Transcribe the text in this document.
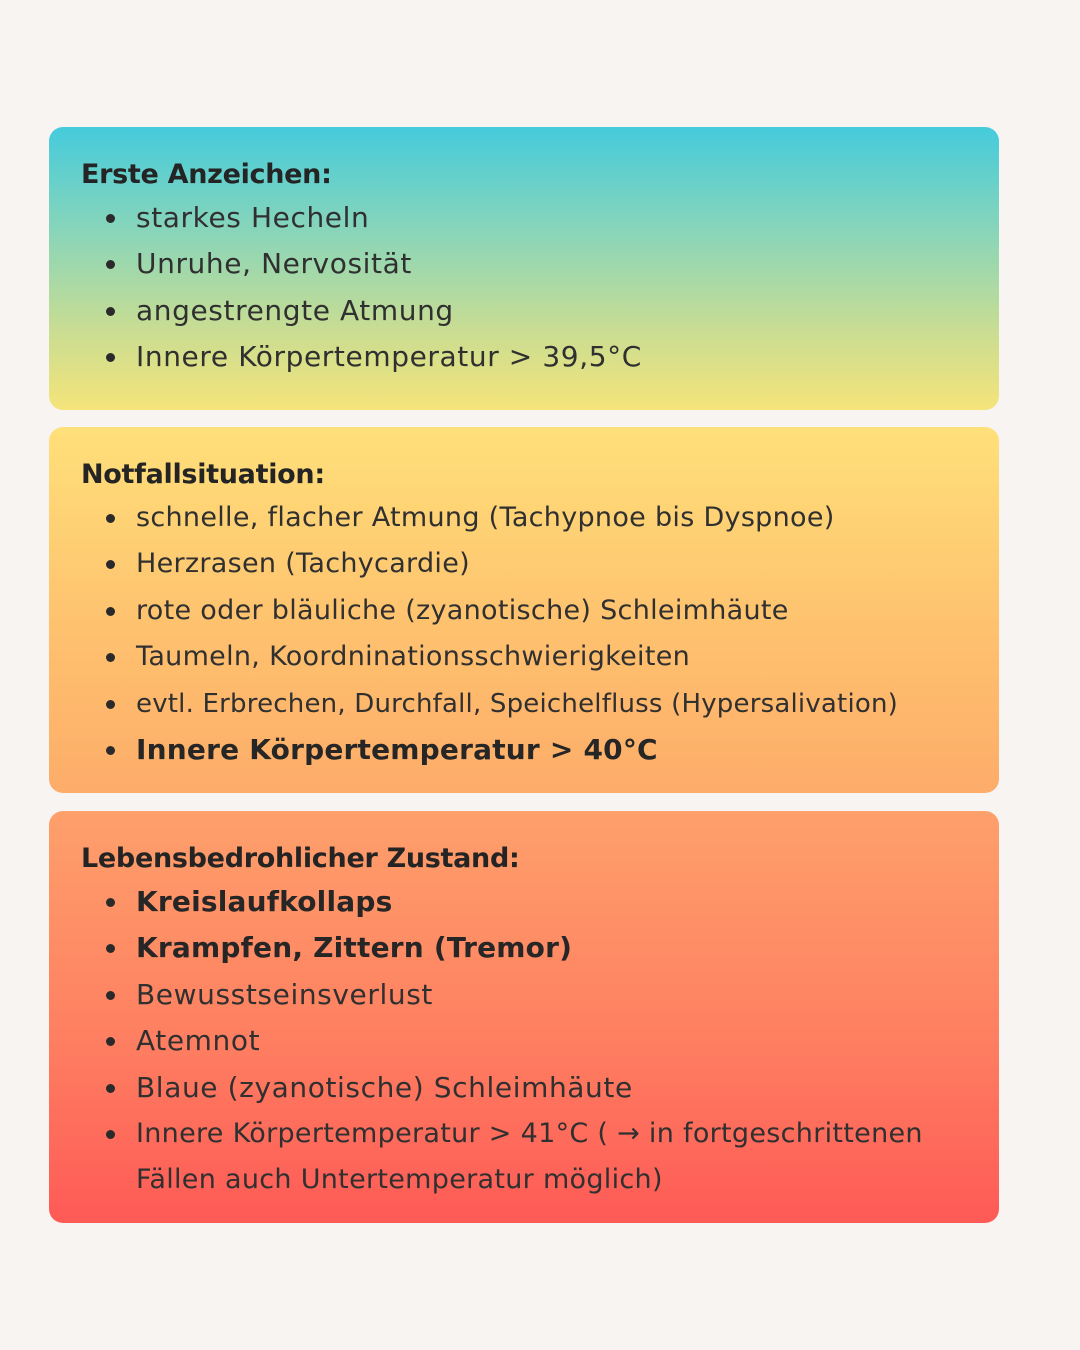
Erste Anzeichen:
starkes Hecheln
Unruhe, Nervosität
angestrengte Atmung
Innere Körpertemperatur > 39,5°C
Notfallsituation:
schnelle, flacher Atmung (Tachypnoe bis Dyspnoe)
Herzrasen (Tachycardie)
rote oder bläuliche (zyanotische) Schleimhäute
Taumeln, Koordninationsschwierigkeiten
evtl. Erbrechen, Durchfall, Speichelfluss (Hypersalivation)
Innere Körpertemperatur > 40°C
Lebensbedrohlicher Zustand:
Kreislaufkollaps
Krampfen, Zittern (Tremor)
Bewusstseinsverlust
Atemnot
Blaue (zyanotische) Schleimhäute
Innere Körpertemperatur > 41°C ( → in fortgeschrittenen Fällen auch Untertemperatur möglich)
